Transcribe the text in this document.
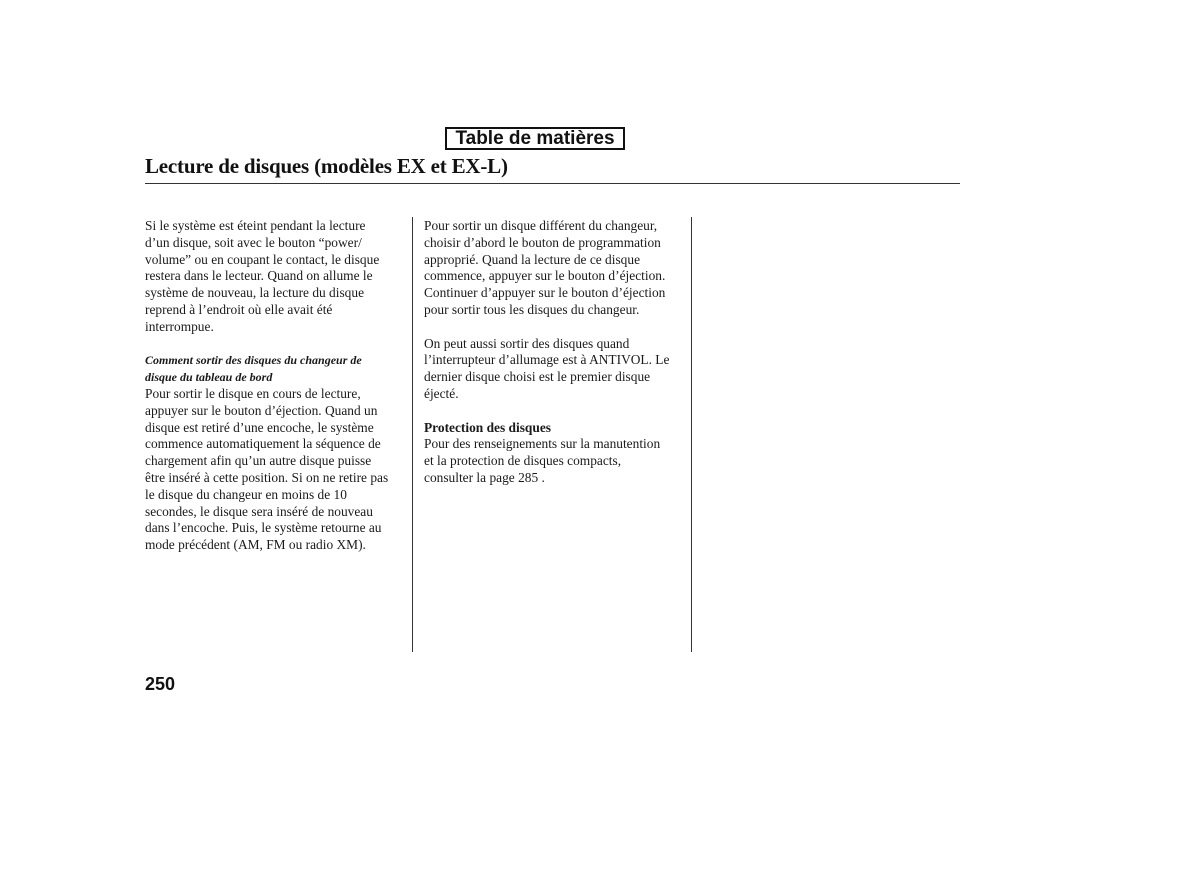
Table de matières
Lecture de disques (modèles EX et EX-L)
Si le système est éteint pendant la lecture
d’un disque, soit avec le bouton “power/
volume” ou en coupant le contact, le disque
restera dans le lecteur. Quand on allume le
système de nouveau, la lecture du disque
reprend à l’endroit où elle avait été
interrompue.
Comment sortir des disques du changeur de
disque du tableau de bord
Pour sortir le disque en cours de lecture,
appuyer sur le bouton d’éjection. Quand un
disque est retiré d’une encoche, le système
commence automatiquement la séquence de
chargement afin qu’un autre disque puisse
être inséré à cette position. Si on ne retire pas
le disque du changeur en moins de 10
secondes, le disque sera inséré de nouveau
dans l’encoche. Puis, le système retourne au
mode précédent (AM, FM ou radio XM).
Pour sortir un disque différent du changeur,
choisir d’abord le bouton de programmation
approprié. Quand la lecture de ce disque
commence, appuyer sur le bouton d’éjection.
Continuer d’appuyer sur le bouton d’éjection
pour sortir tous les disques du changeur.
On peut aussi sortir des disques quand
l’interrupteur d’allumage est à ANTIVOL. Le
dernier disque choisi est le premier disque
éjecté.
Protection des disques
Pour des renseignements sur la manutention
et la protection de disques compacts,
consulter la page 285 .
250
